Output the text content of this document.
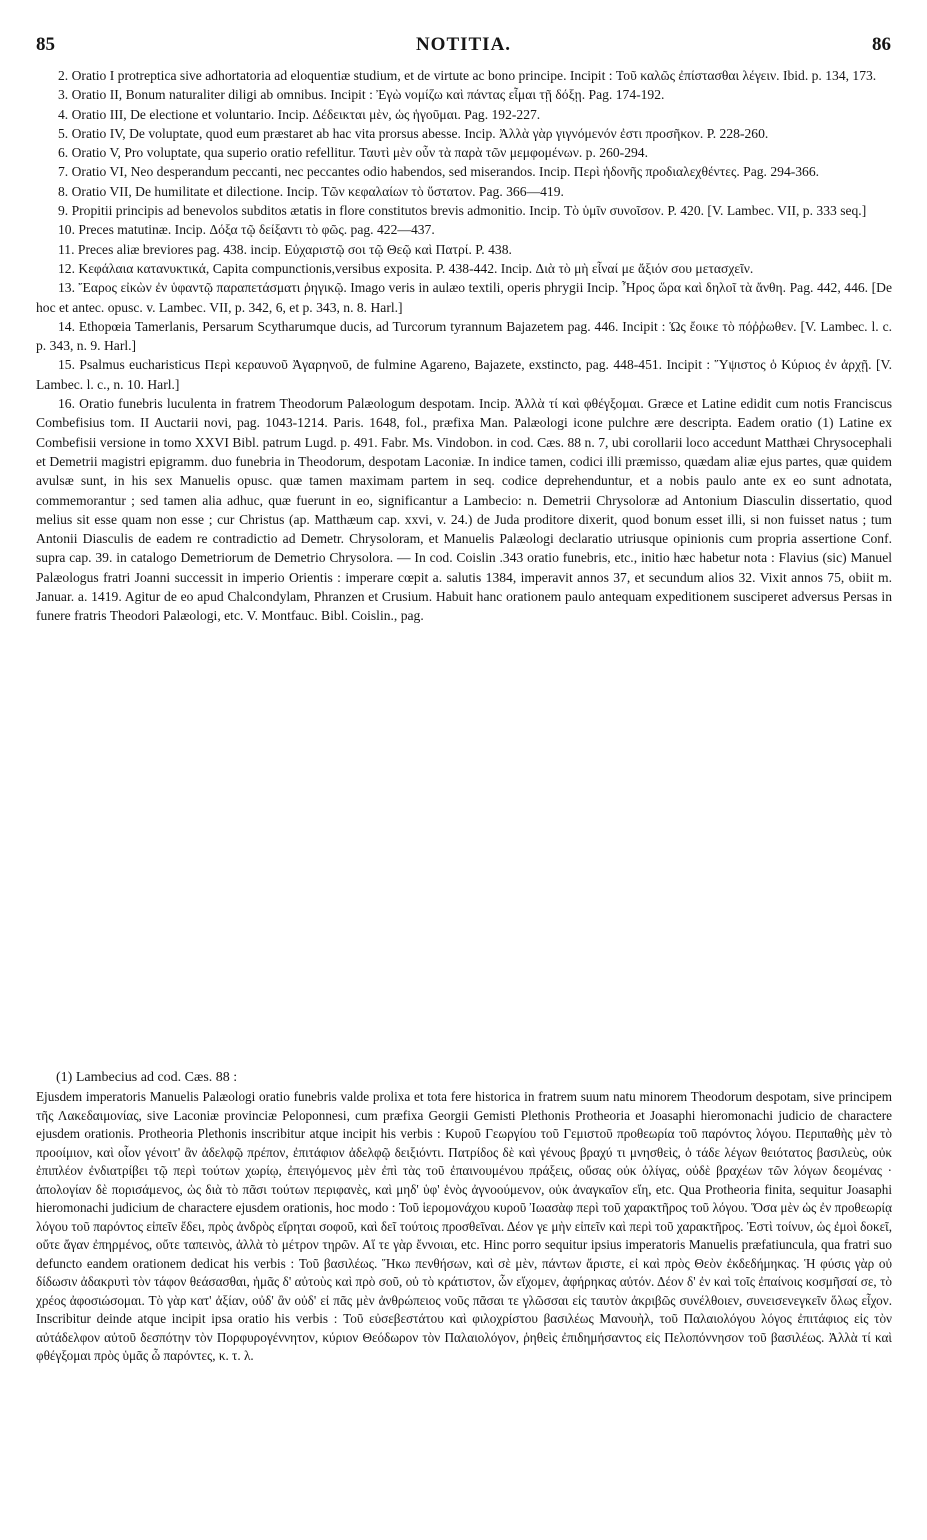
85	NOTITIA.	86

2. Oratio I protreptica sive adhortatoria ad eloquentiæ studium, et de virtute ac bono principe. Incipit : Τοῦ καλῶς ἐπίστασθαι λέγειν. Ibid. p. 134, 173.

3. Oratio II, Bonum naturaliter diligi ab omnibus. Incipit : Ἐγὼ νομίζω καὶ πάντας εἶμαι τῇ δόξῃ. Pag. 174-192.

4. Oratio III, De electione et voluntario. Incip. Δέδεικται μὲν, ὡς ἡγοῦμαι. Pag. 192-227.

5. Oratio IV, De voluptate, quod eum præstaret ab hac vita prorsus abesse. Incip. Ἀλλὰ γὰρ γιγνόμενόν ἐστι προσῆκον. P. 228-260.

6. Oratio V, Pro voluptate, qua superio oratio refellitur. Ταυτὶ μὲν οὖν τὰ παρὰ τῶν μεμφομένων. p. 260-294.

7. Oratio VI, Neo desperandum peccanti, nec peccantes odio habendos, sed miserandos. Incip. Περὶ ἡδονῆς προδιαλεχθέντες. Pag. 294-366.

8. Oratio VII, De humilitate et dilectione. Incip. Τῶν κεφαλαίων τὸ ὕστατον. Pag. 366—419.

9. Propitii principis ad benevolos subditos ætatis in flore constitutos brevis admonitio. Incip. Τὸ ὑμῖν συνοῖσον. P. 420. [V. Lambec. VII, p. 333 seq.]

10. Preces matutinæ. Incip. Δόξα τῷ δείξαντι τὸ φῶς. pag. 422—437.

11. Preces aliæ breviores pag. 438. incip. Εὐχαριστῷ σοι τῷ Θεῷ καὶ Πατρί. P. 438.

12. Κεφάλαια κατανυκτικά, Capita compunctionis,versibus exposita. P. 438-442. Incip. Διὰ τὸ μὴ εἶναί με ἄξιόν σου μετασχεῖν.

13. Ἔαρος εἰκὼν ἐν ὑφαντῷ παραπετάσματι ῥηγικῷ. Imago veris in aulæo textili, operis phrygii Incip. Ἦρος ὥρα καὶ δηλοῖ τὰ ἄνθη. Pag. 442, 446. [De hoc et antec. opusc. v. Lambec. VII, p. 342, 6, et p. 343, n. 8. Harl.]

14. Ethopœia Tamerlanis, Persarum Scytharumque ducis, ad Turcorum tyrannum Bajazetem pag. 446. Incipit : Ὡς ἔοικε τὸ πόῤῥωθεν. [V. Lambec. l. c. p. 343, n. 9. Harl.]

15. Psalmus eucharisticus Περὶ κεραυνοῦ Ἀγαρηνοῦ, de fulmine Agareno, Bajazete, exstincto, pag. 448-451. Incipit : Ὕψιστος ὁ Κύριος ἐν ἀρχῇ. [V. Lambec. l. c., n. 10. Harl.]

16. Oratio funebris luculenta in fratrem Theodorum Palæologum despotam. Incip. Ἀλλὰ τί καὶ φθέγξομαι. Græce et Latine edidit cum notis Franciscus Combefisius tom. II Auctarii novi, pag. 1043-1214. Paris. 1648, fol., præfixa Man. Palæologi icone pulchre ære descripta. Eadem oratio (1) Latine ex Combefisii versione in tomo XXVI Bibl. patrum Lugd. p. 491. Fabr. Ms. Vindobon. in cod. Cæs. 88 n. 7, ubi corollarii loco accedunt Matthæi Chrysocephali et Demetrii magistri epigramm. duo funebria in Theodorum, despotam Laconiæ. In indice tamen, codici illi præmisso, quædam aliæ ejus partes, quæ quidem avulsæ sunt, in his sex Manuelis opusc. quæ tamen maximam partem in seq. codice deprehenduntur, et a nobis paulo ante ex eo sunt adnotata, commemorantur ; sed tamen alia adhuc, quæ fuerunt in eo, significantur a Lambecio: n. Demetrii Chrysoloræ ad Antonium Diasculin dissertatio, quod melius sit esse quam non esse ; cur Christus (ap. Matthæum cap. xxvi, v. 24.) de Juda proditore dixerit, quod bonum esset illi, si non fuisset natus ; tum Antonii Diasculis de eadem re contradictio ad Demetr. Chrysoloram, et Manuelis Palæologi declaratio utriusque opinionis cum propria assertione Conf. supra cap. 39. in catalogo Demetriorum de Demetrio Chrysolora. — In cod. Coislin .343 oratio funebris, etc., initio hæc habetur nota : Flavius (sic) Manuel Palæologus fratri Joanni successit in imperio Orientis : imperare cœpit a. salutis 1384, imperavit annos 37, et secundum alios 32. Vixit annos 75, obiit m. Januar. a. 1419. Agitur de eo apud Chalcondylam, Phranzen et Crusium. Habuit hanc orationem paulo antequam expeditionem susciperet adversus Persas in funere fratris Theodori Palæologi, etc. V. Montfauc. Bibl. Coislin., pag.

(1) Lambecius ad cod. Cæs. 88 :

Ejusdem imperatoris Manuelis Palæologi oratio funebris valde prolixa et tota fere historica in fratrem suum natu minorem Theodorum despotam, sive principem τῆς Λακεδαιμονίας, sive Laconiæ provinciæ Peloponnesi, cum præfixa Georgii Gemisti Plethonis Protheoria et Joasaphi hieromonachi judicio de charactere ejusdem orationis. Protheoria Plethonis inscribitur atque incipit his verbis : Κυροῦ Γεωργίου τοῦ Γεμιστοῦ προθεωρία τοῦ παρόντος λόγου. Περιπαθὴς μὲν τὸ προοίμιον, καὶ οἷον γένοιτ' ἂν ἀδελφῷ πρέπον, ἐπιτάφιον ἀδελφῷ δειξιόντι. Πατρίδος δὲ καὶ γένους βραχύ τι μνησθεὶς, ὁ τάδε λέγων θειότατος βασιλεὺς, οὐκ ἐπιπλέον ἐνδιατρίβει τῷ περὶ τούτων χωρίῳ, ἐπειγόμενος μὲν ἐπὶ τὰς τοῦ ἐπαινουμένου πράξεις, οὔσας οὐκ ὀλίγας, οὐδὲ βραχέων τῶν λόγων δεομένας · ἀπολογίαν δὲ πορισάμενος, ὡς διὰ τὸ πᾶσι τούτων περιφανὲς, καὶ μηδ' ὑφ' ἑνὸς ἀγνοούμενον, οὐκ ἀναγκαῖον εἴη, etc. Qua Protheoria finita, sequitur Joasaphi hieromonachi judicium de charactere ejusdem orationis, hoc modo : Τοῦ ἱερομονάχου κυροῦ Ἰωασὰφ περὶ τοῦ χαρακτῆρος τοῦ λόγου. Ὅσα μὲν ὡς ἐν προθεωρίᾳ λόγου τοῦ παρόντος εἰπεῖν ἔδει, πρὸς ἀνδρὸς εἴρηται σοφοῦ, καὶ δεῖ τούτοις προσθεῖναι. Δέον γε μὴν εἰπεῖν καὶ περὶ τοῦ χαρακτῆρος. Ἐστὶ τοίνυν, ὡς ἐμοὶ δοκεῖ, οὔτε ἄγαν ἐπηρμένος, οὔτε ταπεινὸς, ἀλλὰ τὸ μέτρον τηρῶν. Αἵ τε γὰρ ἔννοιαι, etc. Hinc porro sequitur ipsius imperatoris Manuelis præfatiuncula, qua fratri suo defuncto eandem orationem dedicat his verbis : Τοῦ βασιλέως. Ἥκω πενθήσων, καὶ σὲ μὲν, πάντων ἄριστε, εἰ καὶ πρὸς Θεὸν ἐκδεδήμηκας. Ἡ φύσις γὰρ οὐ δίδωσιν ἀδακρυτὶ τὸν τάφον θεάσασθαι, ἡμᾶς δ' αὐτοὺς καὶ πρὸ σοῦ, οὐ τὸ κράτιστον, ὧν εἴχομεν, ἀφήρηκας αὐτόν. Δέον δ' ἐν καὶ τοῖς ἐπαίνοις κοσμῆσαί σε, τὸ χρέος ἀφοσιώσομαι. Τὸ γὰρ κατ' ἀξίαν, οὐδ' ἂν οὐδ' εἰ πᾶς μὲν ἀνθρώπειος νοῦς πᾶσαι τε γλῶσσαι εἰς ταυτὸν ἀκριβῶς συνέλθοιεν, συνεισενεγκεῖν ὅλως εἶχον. Inscribitur deinde atque incipit ipsa oratio his verbis : Τοῦ εὐσεβεστάτου καὶ φιλοχρίστου βασιλέως Μανουὴλ, τοῦ Παλαιολόγου λόγος ἐπιτάφιος εἰς τὸν αὐτάδελφον αὐτοῦ δεσπότην τὸν Πορφυρογέννητον, κύριον Θεόδωρον τὸν Παλαιολόγον, ῥηθεὶς ἐπιδημήσαντος εἰς Πελοπόννησον τοῦ βασιλέως. Ἀλλὰ τί καὶ φθέγξομαι πρὸς ὑμᾶς ὦ παρόντες, κ. τ. λ.
